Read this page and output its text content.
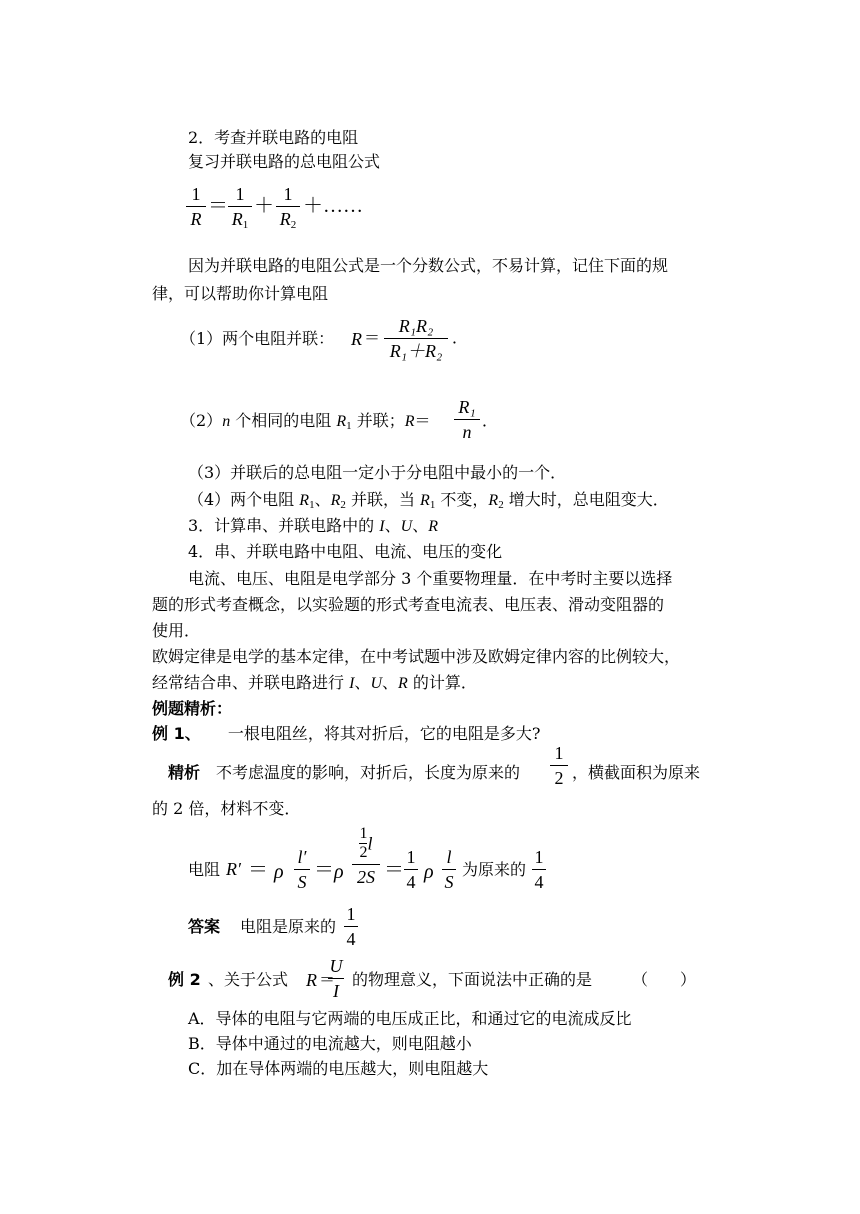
2．考查并联电路的电阻
复习并联电路的总电阻公式
1
R
＝
1
$R_1$
＋
1
$R_2$
＋……
因为并联电路的电阻公式是一个分数公式，不易计算，记住下面的规
律，可以帮助你计算电阻
（1）两个电阻并联： R ＝
R₁R₂
R₁＋R₂
．
（2）n 个相同的电阻 $R_1$ 并联；R＝
R₁
n
．
（3）并联后的总电阻一定小于分电阻中最小的一个．
（4）两个电阻 $R_1$、$R_2$ 并联，当 $R_1$ 不变，$R_2$ 增大时，总电阻变大．
3．计算串、并联电路中的 I、U、R
4．串、并联电路中电阻、电流、电压的变化
电流、电压、电阻是电学部分 3 个重要物理量．在中考时主要以选择
题的形式考查概念，以实验题的形式考查电流表、电压表、滑动变阻器的
使用．
欧姆定律是电学的基本定律，在中考试题中涉及欧姆定律内容的比例较大，
经常结合串、并联电路进行 I、U、R 的计算．
例题精析：
例 1、 一根电阻丝，将其对折后，它的电阻是多大?
精析 不考虑温度的影响，对折后，长度为原来的
1
2 ，横截面积为原来
的 2 倍，材料不变．
电阻 R′ ＝ ρ
l′
S
＝ ρ
$\frac{1}{2}$ l
2S ＝
1
4 ρ
l
S
为原来的
1
4
答案 电阻是原来的
1
4
例 2 、关于公式 R ＝
U
I
的物理意义，下面说法中正确的是 （　　）
A．导体的电阻与它两端的电压成正比，和通过它的电流成反比
B．导体中通过的电流越大，则电阻越小
C．加在导体两端的电压越大，则电阻越大
